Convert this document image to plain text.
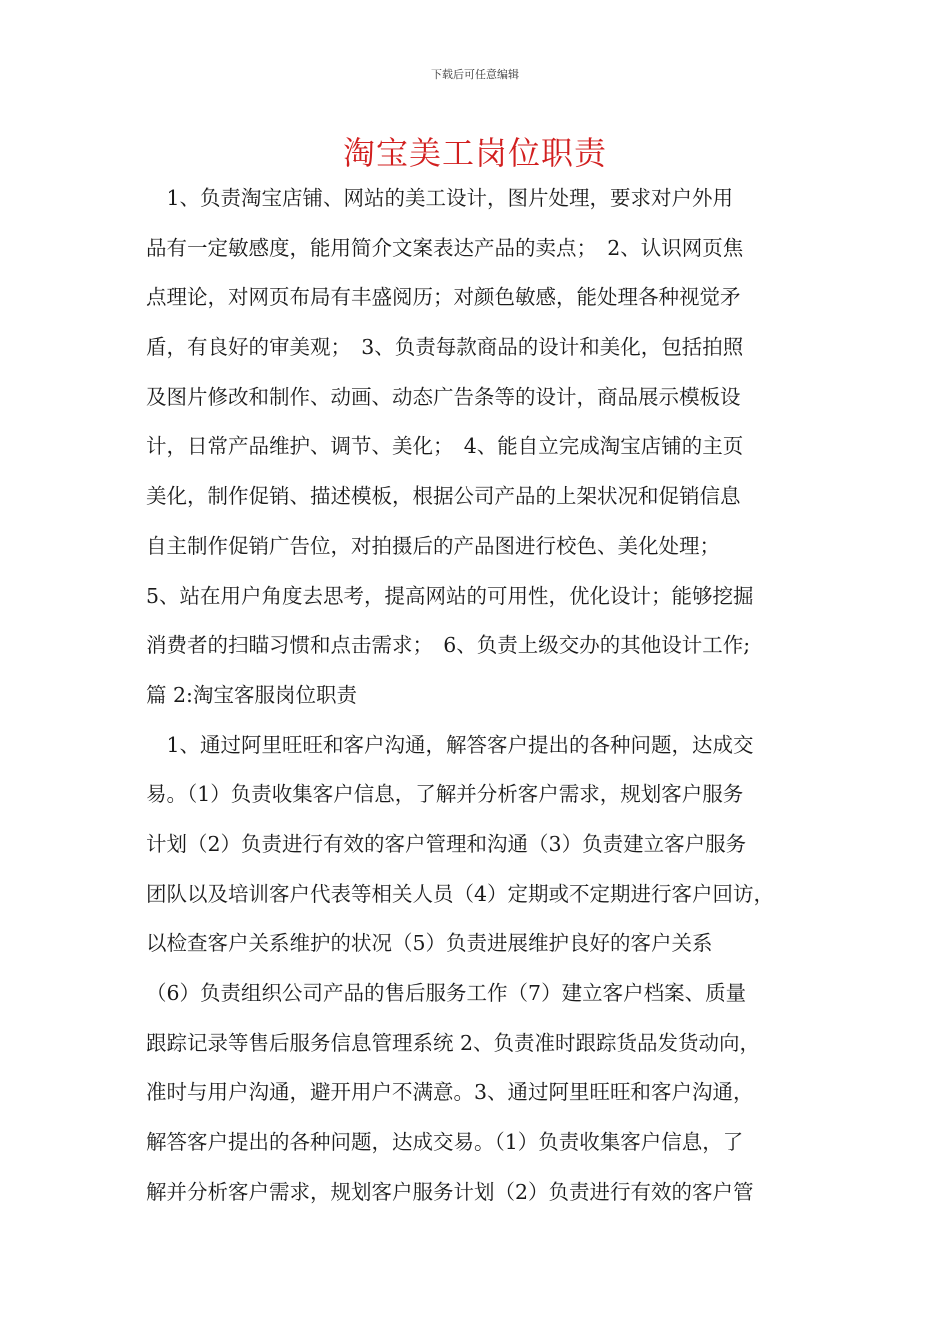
下载后可任意编辑
淘宝美工岗位职责
　1、负责淘宝店铺、网站的美工设计，图片处理，要求对户外用
品有一定敏感度，能用简介文案表达产品的卖点；　2、认识网页焦
点理论，对网页布局有丰盛阅历；对颜色敏感，能处理各种视觉矛
盾，有良好的审美观；　3、负责每款商品的设计和美化，包括拍照
及图片修改和制作、动画、动态广告条等的设计，商品展示模板设
计，日常产品维护、调节、美化；　4、能自立完成淘宝店铺的主页
美化，制作促销、描述模板，根据公司产品的上架状况和促销信息
自主制作促销广告位，对拍摄后的产品图进行校色、美化处理；
5、站在用户角度去思考，提高网站的可用性，优化设计；能够挖掘
消费者的扫瞄习惯和点击需求；　6、负责上级交办的其他设计工作;
篇 2:淘宝客服岗位职责
　1、通过阿里旺旺和客户沟通，解答客户提出的各种问题，达成交
易。（1）负责收集客户信息，了解并分析客户需求，规划客户服务
计划（2）负责进行有效的客户管理和沟通（3）负责建立客户服务
团队以及培训客户代表等相关人员（4）定期或不定期进行客户回访，
以检查客户关系维护的状况（5）负责进展维护良好的客户关系
（6）负责组织公司产品的售后服务工作（7）建立客户档案、质量
跟踪记录等售后服务信息管理系统 2、负责准时跟踪货品发货动向，
准时与用户沟通，避开用户不满意。3、通过阿里旺旺和客户沟通，
解答客户提出的各种问题，达成交易。（1）负责收集客户信息，了
解并分析客户需求，规划客户服务计划（2）负责进行有效的客户管
